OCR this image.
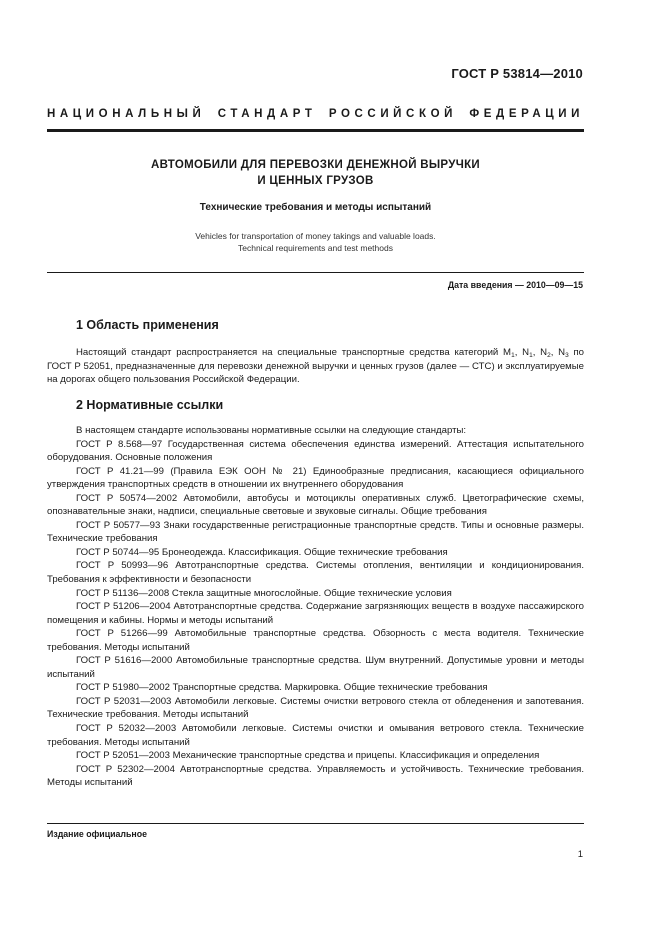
ГОСТ Р 53814—2010
НАЦИОНАЛЬНЫЙ СТАНДАРТ РОССИЙСКОЙ ФЕДЕРАЦИИ
АВТОМОБИЛИ ДЛЯ ПЕРЕВОЗКИ ДЕНЕЖНОЙ ВЫРУЧКИ
И ЦЕННЫХ ГРУЗОВ
Технические требования и методы испытаний
Vehicles for transportation of money takings and valuable loads.
Technical requirements and test methods
Дата введения — 2010—09—15
1 Область применения
Настоящий стандарт распространяется на специальные транспортные средства категорий $M_1$, $N_1$, $N_2$, $N_3$ по ГОСТ Р 52051, предназначенные для перевозки денежной выручки и ценных грузов (далее — СТС) и эксплуатируемые на дорогах общего пользования Российской Федерации.
2 Нормативные ссылки

В настоящем стандарте использованы нормативные ссылки на следующие стандарты:

ГОСТ Р 8.568—97 Государственная система обеспечения единства измерений. Аттестация испытательного оборудования. Основные положения

ГОСТ Р 41.21—99 (Правила ЕЭК ООН № 21) Единообразные предписания, касающиеся официального утверждения транспортных средств в отношении их внутреннего оборудования

ГОСТ Р 50574—2002 Автомобили, автобусы и мотоциклы оперативных служб. Цветографические схемы, опознавательные знаки, надписи, специальные световые и звуковые сигналы. Общие требования

ГОСТ Р 50577—93 Знаки государственные регистрационные транспортные средств. Типы и основные размеры. Технические требования

ГОСТ Р 50744—95 Бронеодежда. Классификация. Общие технические требования

ГОСТ Р 50993—96 Автотранспортные средства. Системы отопления, вентиляции и кондиционирования. Требования к эффективности и безопасности

ГОСТ Р 51136—2008 Стекла защитные многослойные. Общие технические условия

ГОСТ Р 51206—2004 Автотранспортные средства. Содержание загрязняющих веществ в воздухе пассажирского помещения и кабины. Нормы и методы испытаний

ГОСТ Р 51266—99 Автомобильные транспортные средства. Обзорность с места водителя. Технические требования. Методы испытаний

ГОСТ Р 51616—2000 Автомобильные транспортные средства. Шум внутренний. Допустимые уровни и методы испытаний

ГОСТ Р 51980—2002 Транспортные средства. Маркировка. Общие технические требования

ГОСТ Р 52031—2003 Автомобили легковые. Системы очистки ветрового стекла от обледенения и запотевания. Технические требования. Методы испытаний

ГОСТ Р 52032—2003 Автомобили легковые. Системы очистки и омывания ветрового стекла. Технические требования. Методы испытаний

ГОСТ Р 52051—2003 Механические транспортные средства и прицепы. Классификация и определения

ГОСТ Р 52302—2004 Автотранспортные средства. Управляемость и устойчивость. Технические требования. Методы испытаний

Издание официальное
1
